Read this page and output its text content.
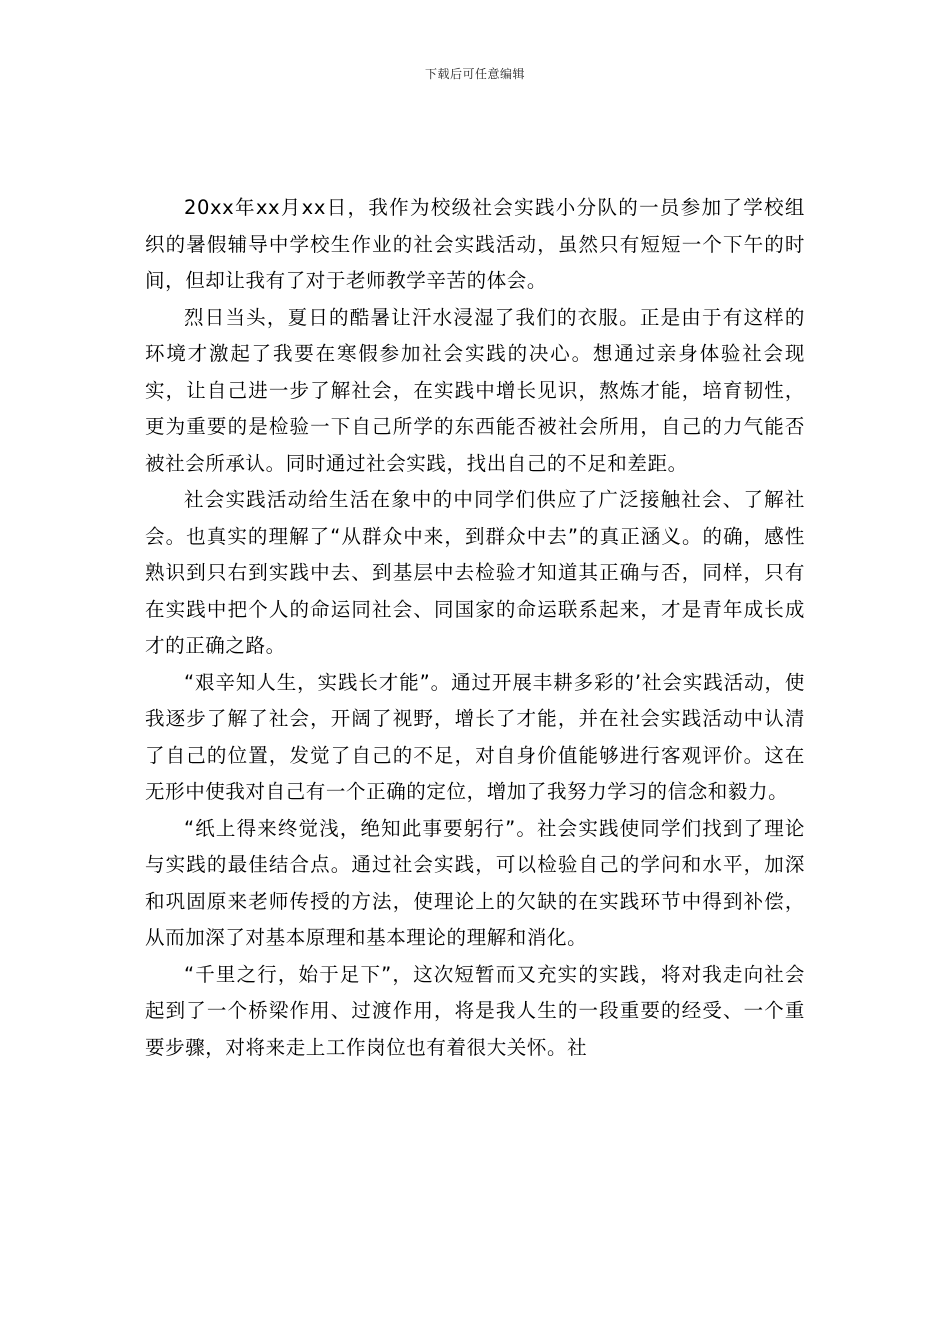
下载后可任意编辑

20xx年xx月xx日，我作为校级社会实践小分队的一员参加了学校组织的暑假辅导中学校生作业的社会实践活动，虽然只有短短一个下午的时间，但却让我有了对于老师教学辛苦的体会。

烈日当头，夏日的酷暑让汗水浸湿了我们的衣服。正是由于有这样的环境才激起了我要在寒假参加社会实践的决心。想通过亲身体验社会现实，让自己进一步了解社会，在实践中增长见识，熬炼才能，培育韧性，更为重要的是检验一下自己所学的东西能否被社会所用，自己的力气能否被社会所承认。同时通过社会实践，找出自己的不足和差距。

社会实践活动给生活在象中的中同学们供应了广泛接触社会、了解社会。也真实的理解了“从群众中来，到群众中去”的真正涵义。的确，感性熟识到只右到实践中去、到基层中去检验才知道其正确与否，同样，只有在实践中把个人的命运同社会、同国家的命运联系起来，才是青年成长成才的正确之路。

“艰辛知人生，实践长才能”。通过开展丰耕多彩的’社会实践活动，使我逐步了解了社会，开阔了视野，增长了才能，并在社会实践活动中认清了自己的位置，发觉了自己的不足，对自身价值能够进行客观评价。这在无形中使我对自己有一个正确的定位，增加了我努力学习的信念和毅力。

“纸上得来终觉浅，绝知此事要躬行”。社会实践使同学们找到了理论与实践的最佳结合点。通过社会实践，可以检验自己的学问和水平，加深和巩固原来老师传授的方法，使理论上的欠缺的在实践环节中得到补偿，从而加深了对基本原理和基本理论的理解和消化。

“千里之行，始于足下”，这次短暂而又充实的实践，将对我走向社会起到了一个桥梁作用、过渡作用，将是我人生的一段重要的经受、一个重要步骤，对将来走上工作岗位也有着很大关怀。社
